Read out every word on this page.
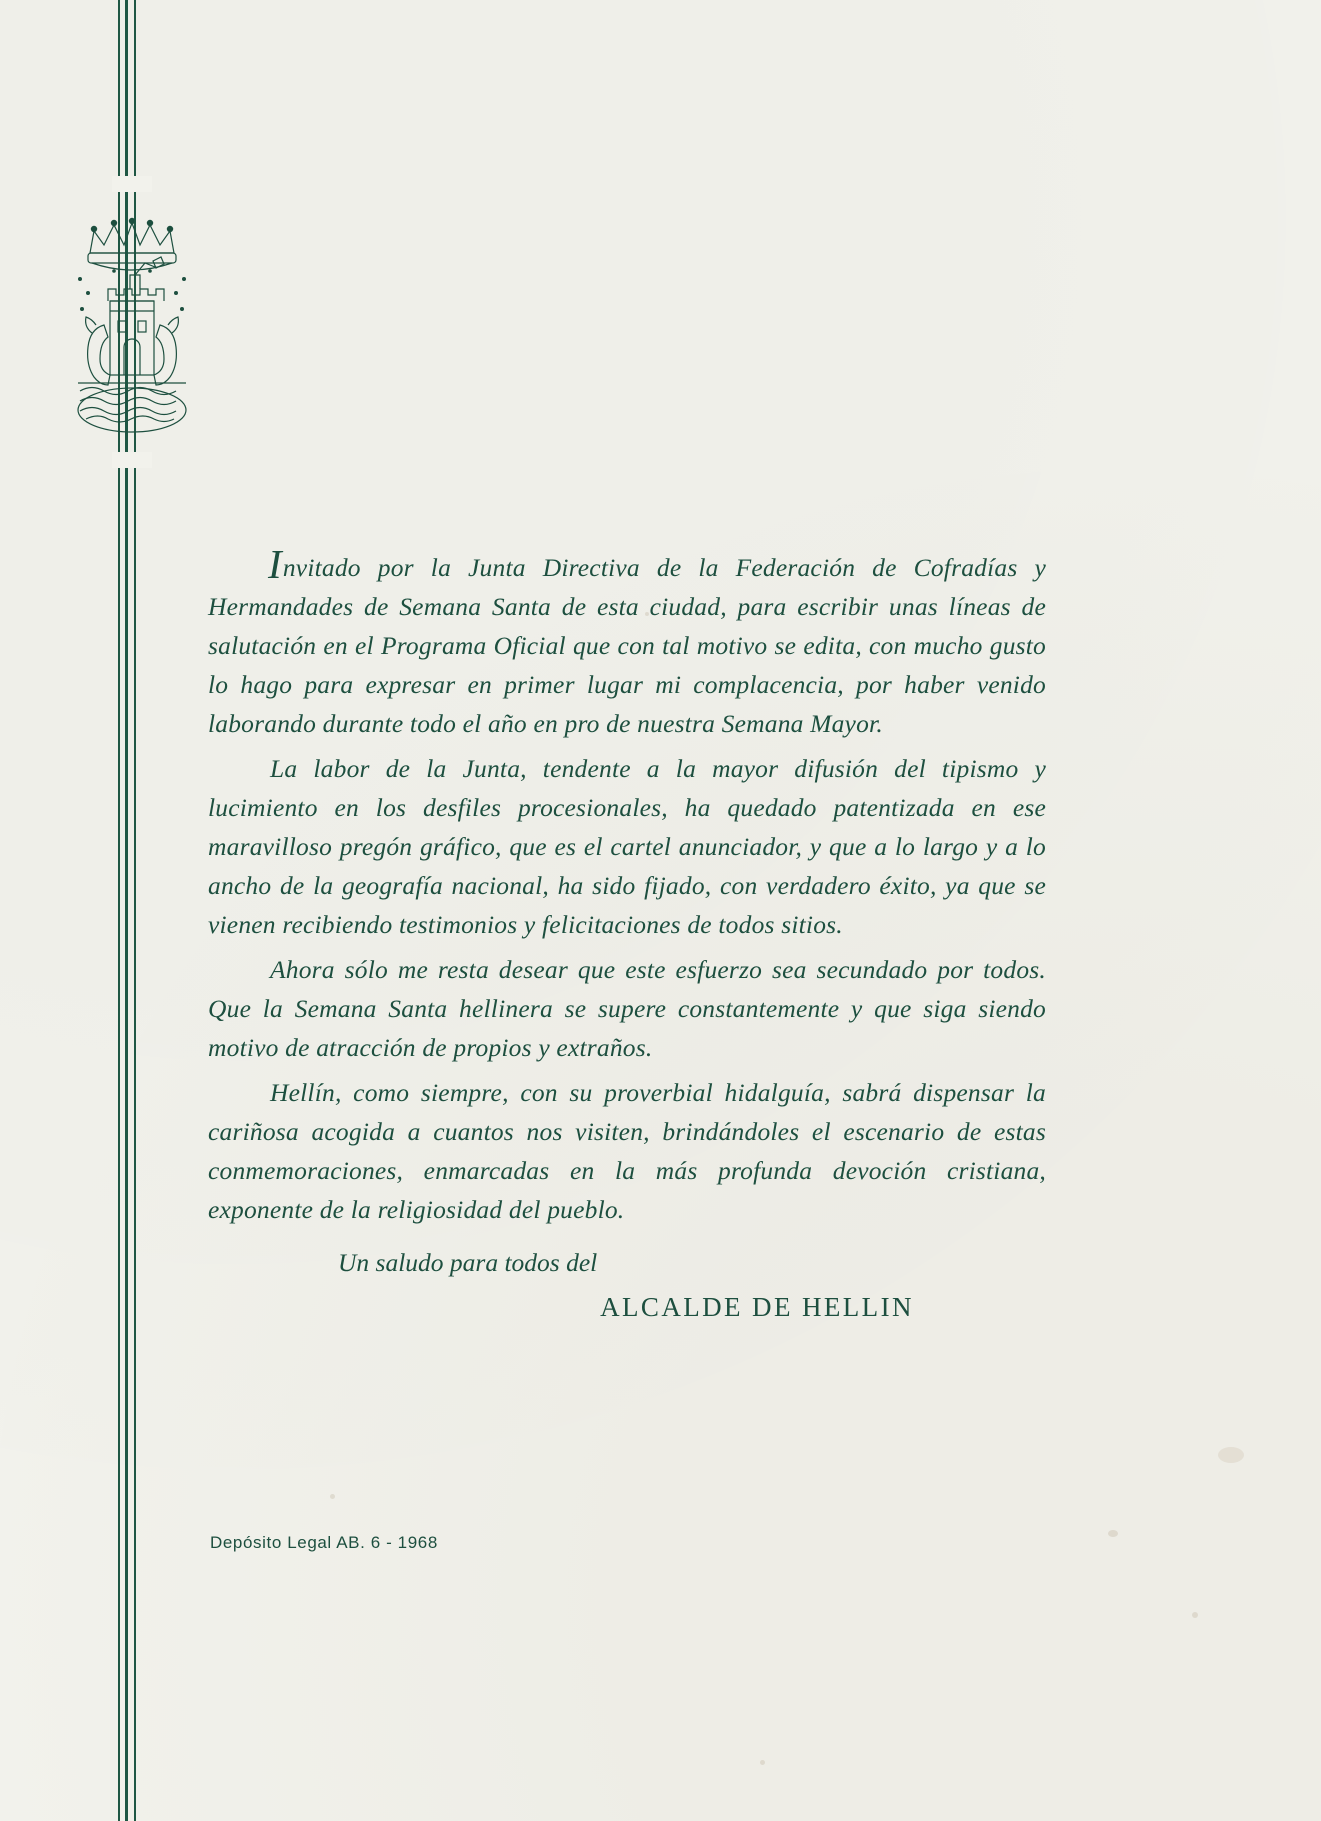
Invitado por la Junta Directiva de la Federación de Cofradías y Hermandades de Semana Santa de esta ciudad, para escribir unas líneas de salutación en el Programa Oficial que con tal motivo se edita, con mucho gusto lo hago para expresar en primer lugar mi complacencia, por haber venido laborando durante todo el año en pro de nuestra Semana Mayor.

La labor de la Junta, tendente a la mayor difusión del tipismo y lucimiento en los desfiles procesionales, ha quedado patentizada en ese maravilloso pregón gráfico, que es el cartel anunciador, y que a lo largo y a lo ancho de la geografía nacional, ha sido fijado, con verdadero éxito, ya que se vienen recibiendo testimonios y felicitaciones de todos sitios.

Ahora sólo me resta desear que este esfuerzo sea secundado por todos. Que la Semana Santa hellinera se supere constantemente y que siga siendo motivo de atracción de propios y extraños.

Hellín, como siempre, con su proverbial hidalguía, sabrá dispensar la cariñosa acogida a cuantos nos visiten, brindándoles el escenario de estas conmemoraciones, enmarcadas en la más profunda devoción cristiana, exponente de la religiosidad del pueblo.

Un saludo para todos del

ALCALDE DE HELLIN

Depósito Legal AB. 6 - 1968
